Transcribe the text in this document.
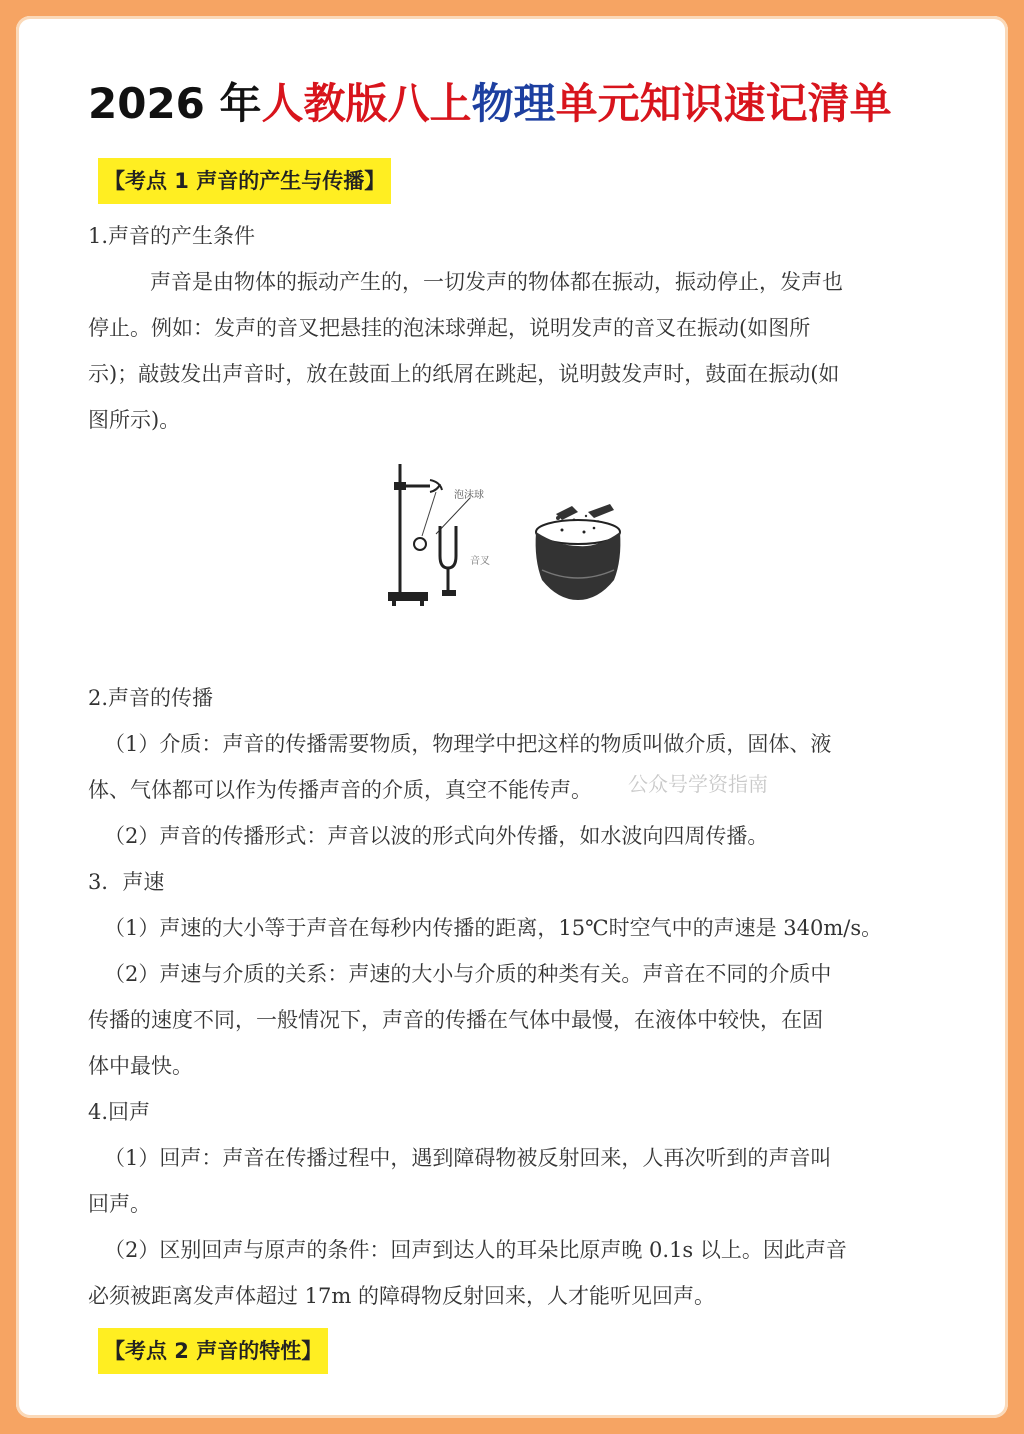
2026 年人教版八上物理单元知识速记清单
【考点 1 声音的产生与传播】
1.声音的产生条件
声音是由物体的振动产生的，一切发声的物体都在振动，振动停止，发声也
停止。例如：发声的音叉把悬挂的泡沫球弹起，说明发声的音叉在振动(如图所
示)；敲鼓发出声音时，放在鼓面上的纸屑在跳起，说明鼓发声时，鼓面在振动(如
图所示)。
泡沫球
音叉
2.声音的传播
（1）介质：声音的传播需要物质，物理学中把这样的物质叫做介质，固体、液
体、气体都可以作为传播声音的介质，真空不能传声。	公众号学资指南
（2）声音的传播形式：声音以波的形式向外传播，如水波向四周传播。
3．声速
（1）声速的大小等于声音在每秒内传播的距离，15℃时空气中的声速是 340m/s。
（2）声速与介质的关系：声速的大小与介质的种类有关。声音在不同的介质中
传播的速度不同，一般情况下，声音的传播在气体中最慢，在液体中较快，在固
体中最快。
4.回声
（1）回声：声音在传播过程中，遇到障碍物被反射回来，人再次听到的声音叫
回声。
（2）区别回声与原声的条件：回声到达人的耳朵比原声晚 0.1s 以上。因此声音
必须被距离发声体超过 17m 的障碍物反射回来，人才能听见回声。
【考点 2 声音的特性】
